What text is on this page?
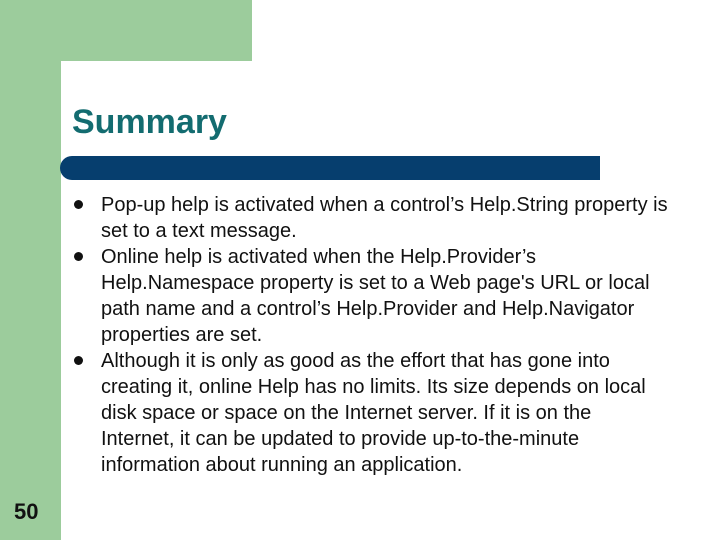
Summary
Pop-up help is activated when a control’s Help.String property is set to a text message.
Online help is activated when the Help.Provider’s Help.Namespace property is set to a Web page's URL or local path name and a control’s Help.Provider and Help.Navigator properties are set.
Although it is only as good as the effort that has gone into creating it, online Help has no limits. Its size depends on local disk space or space on the Internet server. If it is on the Internet, it can be updated to provide up-to-the-minute information about running an application.
50
